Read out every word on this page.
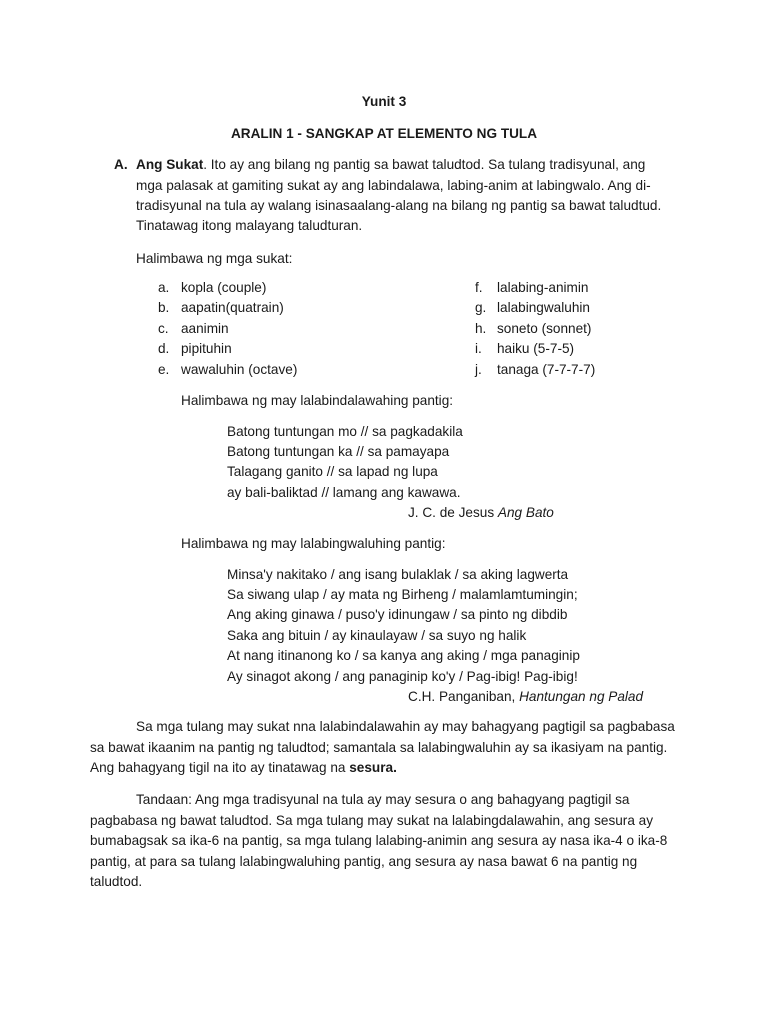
Yunit 3
ARALIN 1 - SANGKAP AT ELEMENTO NG TULA
A. Ang Sukat. Ito ay ang bilang ng pantig sa bawat taludtod. Sa tulang tradisyunal, ang
mga palasak at gamiting sukat ay ang labindalawa, labing-anim at labingwalo. Ang di-
tradisyunal na tula ay walang isinasaalang-alang na bilang ng pantig sa bawat taludtud.
Tinatawag itong malayang taludturan.
Halimbawa ng mga sukat:
a. kopla (couple)
b. aapatin(quatrain)
c. aanimin
d. pipituhin
e. wawaluhin (octave)
f. lalabing-animin
g. lalabingwaluhin
h. soneto (sonnet)
i. haiku (5-7-5)
j. tanaga (7-7-7-7)
Halimbawa ng may lalabindalawahing pantig:
Batong tuntungan mo // sa pagkadakila
Batong tuntungan ka // sa pamayapa
Talagang ganito // sa lapad ng lupa
ay bali-baliktad // lamang ang kawawa.
J. C. de Jesus Ang Bato
Halimbawa ng may lalabingwaluhing pantig:
Minsa'y nakitako / ang isang bulaklak / sa aking lagwerta
Sa siwang ulap / ay mata ng Birheng / malamlamtumingin;
Ang aking ginawa / puso'y idinungaw / sa pinto ng dibdib
Saka ang bituin / ay kinaulayaw / sa suyo ng halik
At nang itinanong ko / sa kanya ang aking / mga panaginip
Ay sinagot akong / ang panaginip ko'y / Pag-ibig! Pag-ibig!
C.H. Panganiban, Hantungan ng Palad
Sa mga tulang may sukat nna lalabindalawahin ay may bahagyang pagtigil sa pagbabasa
sa bawat ikaanim na pantig ng taludtod; samantala sa lalabingwaluhin ay sa ikasiyam na pantig.
Ang bahagyang tigil na ito ay tinatawag na sesura.
Tandaan: Ang mga tradisyunal na tula ay may sesura o ang bahagyang pagtigil sa
pagbabasa ng bawat taludtod. Sa mga tulang may sukat na lalabingdalawahin, ang sesura ay
bumabagsak sa ika-6 na pantig, sa mga tulang lalabing-animin ang sesura ay nasa ika-4 o ika-8
pantig, at para sa tulang lalabingwaluhing pantig, ang sesura ay nasa bawat 6 na pantig ng
taludtod.
